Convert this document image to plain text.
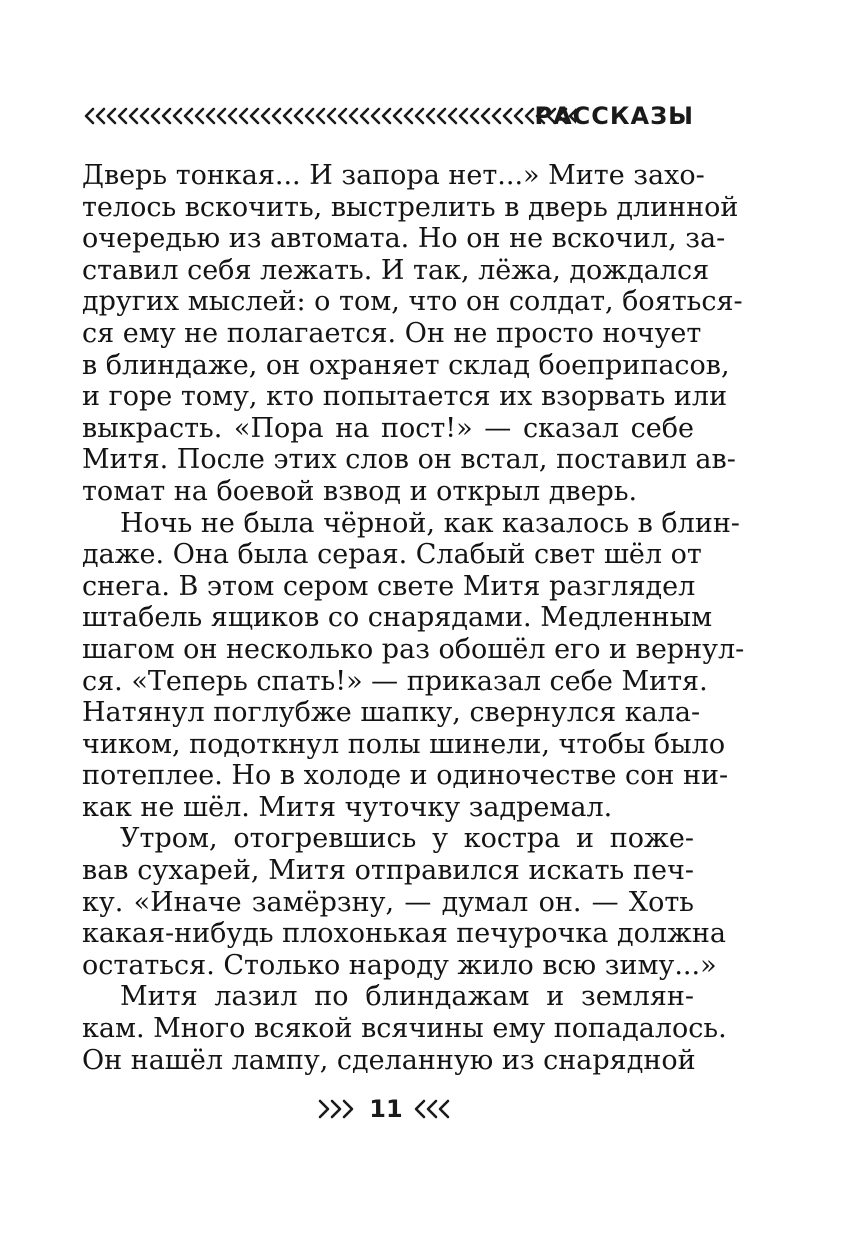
РАССКАЗЫ
Дверь тонкая... И запора нет...» Мите захо-
телось вскочить, выстрелить в дверь длинной
очередью из автомата. Но он не вскочил, за-
ставил себя лежать. И так, лёжа, дождался
других мыслей: о том, что он солдат, бояться-
ся ему не полагается. Он не просто ночует
в блиндаже, он охраняет склад боеприпасов,
и горе тому, кто попытается их взорвать или
выкрасть. «Пора на пост!» — сказал себе
Митя. После этих слов он встал, поставил ав-
томат на боевой взвод и открыл дверь.
Ночь не была чёрной, как казалось в блин-
даже. Она была серая. Слабый свет шёл от
снега. В этом сером свете Митя разглядел
штабель ящиков со снарядами. Медленным
шагом он несколько раз обошёл его и вернул-
ся. «Теперь спать!» — приказал себе Митя.
Натянул поглубже шапку, свернулся кала-
чиком, подоткнул полы шинели, чтобы было
потеплее. Но в холоде и одиночестве сон ни-
как не шёл. Митя чуточку задремал.
Утром, отогревшись у костра и поже-
вав сухарей, Митя отправился искать печ-
ку. «Иначе замёрзну, — думал он. — Хоть
какая-нибудь плохонькая печурочка должна
остаться. Столько народу жило всю зиму...»
Митя лазил по блиндажам и землян-
кам. Много всякой всячины ему попадалось.
Он нашёл лампу, сделанную из снарядной
11
